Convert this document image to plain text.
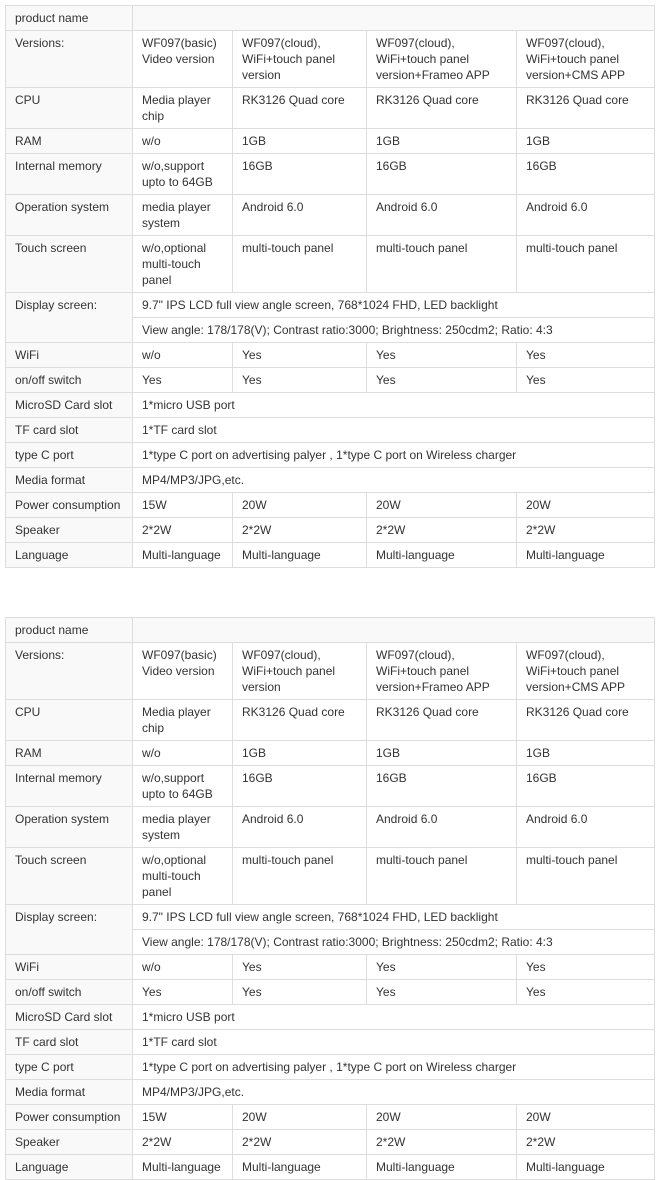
product name				
Versions:	WF097(basic) Video version	WF097(cloud), WiFi+touch panel version	WF097(cloud), WiFi+touch panel version+Frameo APP	WF097(cloud), WiFi+touch panel version+CMS APP
CPU	Media player chip	RK3126 Quad core	RK3126 Quad core	RK3126 Quad core
RAM	w/o	1GB	1GB	1GB
Internal memory	w/o,support upto to 64GB	16GB	16GB	16GB
Operation system	media player system	Android 6.0	Android 6.0	Android 6.0
Touch screen	w/o,optional multi-touch panel	multi-touch panel	multi-touch panel	multi-touch panel
Display screen:	9.7" IPS LCD full view angle screen, 768*1024 FHD, LED backlight			
	View angle: 178/178(V); Contrast ratio:3000; Brightness: 250cdm2; Ratio: 4:3			
WiFi	w/o	Yes	Yes	Yes
on/off switch	Yes	Yes	Yes	Yes
MicroSD Card slot	1*micro USB port			
TF card slot	1*TF card slot			
type C port	1*type C port on advertising palyer , 1*type C port on Wireless charger			
Media format	MP4/MP3/JPG,etc.			
Power consumption	15W	20W	20W	20W
Speaker	2*2W	2*2W	2*2W	2*2W
Language	Multi-language	Multi-language	Multi-language	Multi-language
product name				
Versions:	WF097(basic) Video version	WF097(cloud), WiFi+touch panel version	WF097(cloud), WiFi+touch panel version+Frameo APP	WF097(cloud), WiFi+touch panel version+CMS APP
CPU	Media player chip	RK3126 Quad core	RK3126 Quad core	RK3126 Quad core
RAM	w/o	1GB	1GB	1GB
Internal memory	w/o,support upto to 64GB	16GB	16GB	16GB
Operation system	media player system	Android 6.0	Android 6.0	Android 6.0
Touch screen	w/o,optional multi-touch panel	multi-touch panel	multi-touch panel	multi-touch panel
Display screen:	9.7" IPS LCD full view angle screen, 768*1024 FHD, LED backlight			
	View angle: 178/178(V); Contrast ratio:3000; Brightness: 250cdm2; Ratio: 4:3			
WiFi	w/o	Yes	Yes	Yes
on/off switch	Yes	Yes	Yes	Yes
MicroSD Card slot	1*micro USB port			
TF card slot	1*TF card slot			
type C port	1*type C port on advertising palyer , 1*type C port on Wireless charger			
Media format	MP4/MP3/JPG,etc.			
Power consumption	15W	20W	20W	20W
Speaker	2*2W	2*2W	2*2W	2*2W
Language	Multi-language	Multi-language	Multi-language	Multi-language
